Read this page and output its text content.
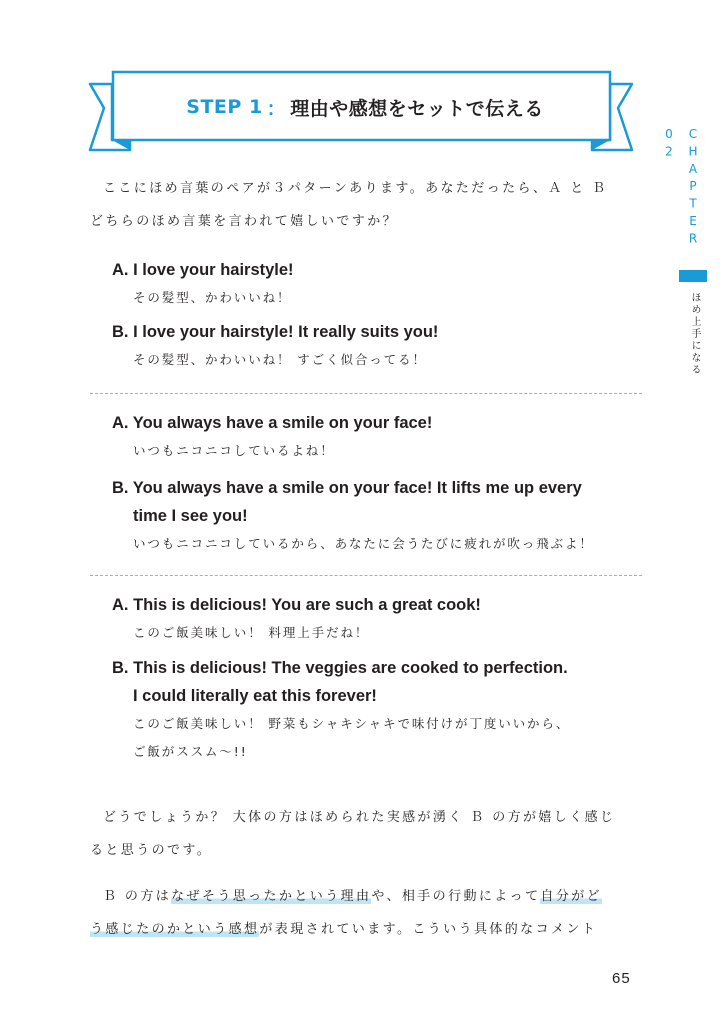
STEP 1 ： 理由や感想をセットで伝える
CHAPTER 02
ほめ上手になる
ここにほめ言葉のペアが３パターンあります。あなただったら、Ａ と Ｂ
どちらのほめ言葉を言われて嬉しいですか？
A. I love your hairstyle!
その髪型、かわいいね！
B. I love your hairstyle! It really suits you!
その髪型、かわいいね！ すごく似合ってる！
A. You always have a smile on your face!
いつもニコニコしているよね！
B. You always have a smile on your face! It lifts me up every
time I see you!
いつもニコニコしているから、あなたに会うたびに疲れが吹っ飛ぶよ！
A. This is delicious! You are such a great cook!
このご飯美味しい！ 料理上手だね！
B. This is delicious! The veggies are cooked to perfection.
I could literally eat this forever!
このご飯美味しい！ 野菜もシャキシャキで味付けが丁度いいから、
ご飯がススム～!!
どうでしょうか？ 大体の方はほめられた実感が湧く Ｂ の方が嬉しく感じ
ると思うのです。
Ｂ の方はなぜそう思ったかという理由や、相手の行動によって自分がど
う感じたのかという感想が表現されています。こういう具体的なコメント
65
